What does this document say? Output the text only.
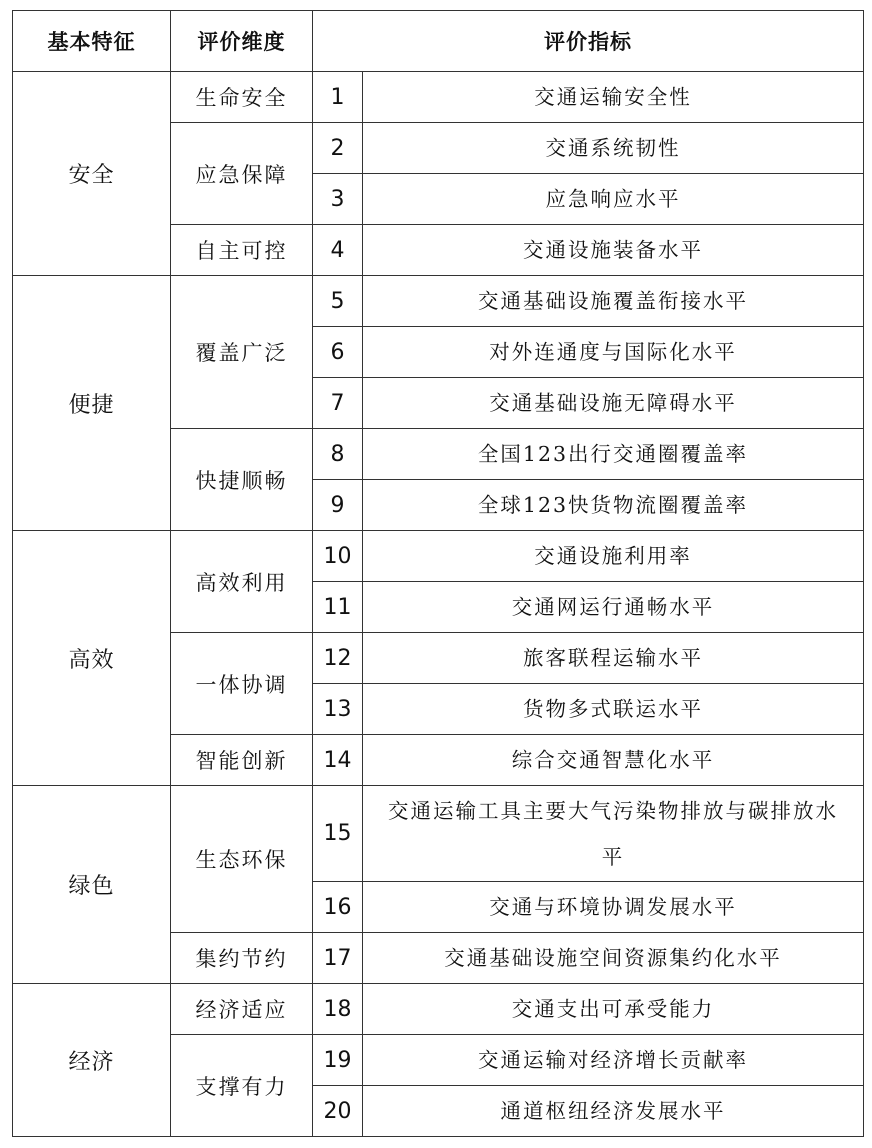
基本特征	评价维度	评价指标	
安全	生命安全	1	交通运输安全性
	应急保障	2	交通系统韧性
		3	应急响应水平
	自主可控	4	交通设施装备水平
便捷	覆盖广泛	5	交通基础设施覆盖衔接水平
		6	对外连通度与国际化水平
		7	交通基础设施无障碍水平
	快捷顺畅	8	全国123出行交通圈覆盖率
		9	全球123快货物流圈覆盖率
高效	高效利用	10	交通设施利用率
		11	交通网运行通畅水平
	一体协调	12	旅客联程运输水平
		13	货物多式联运水平
	智能创新	14	综合交通智慧化水平
绿色	生态环保	15	交通运输工具主要大气污染物排放与碳排放水平
		16	交通与环境协调发展水平
	集约节约	17	交通基础设施空间资源集约化水平
经济	经济适应	18	交通支出可承受能力
	支撑有力	19	交通运输对经济增长贡献率
		20	通道枢纽经济发展水平
